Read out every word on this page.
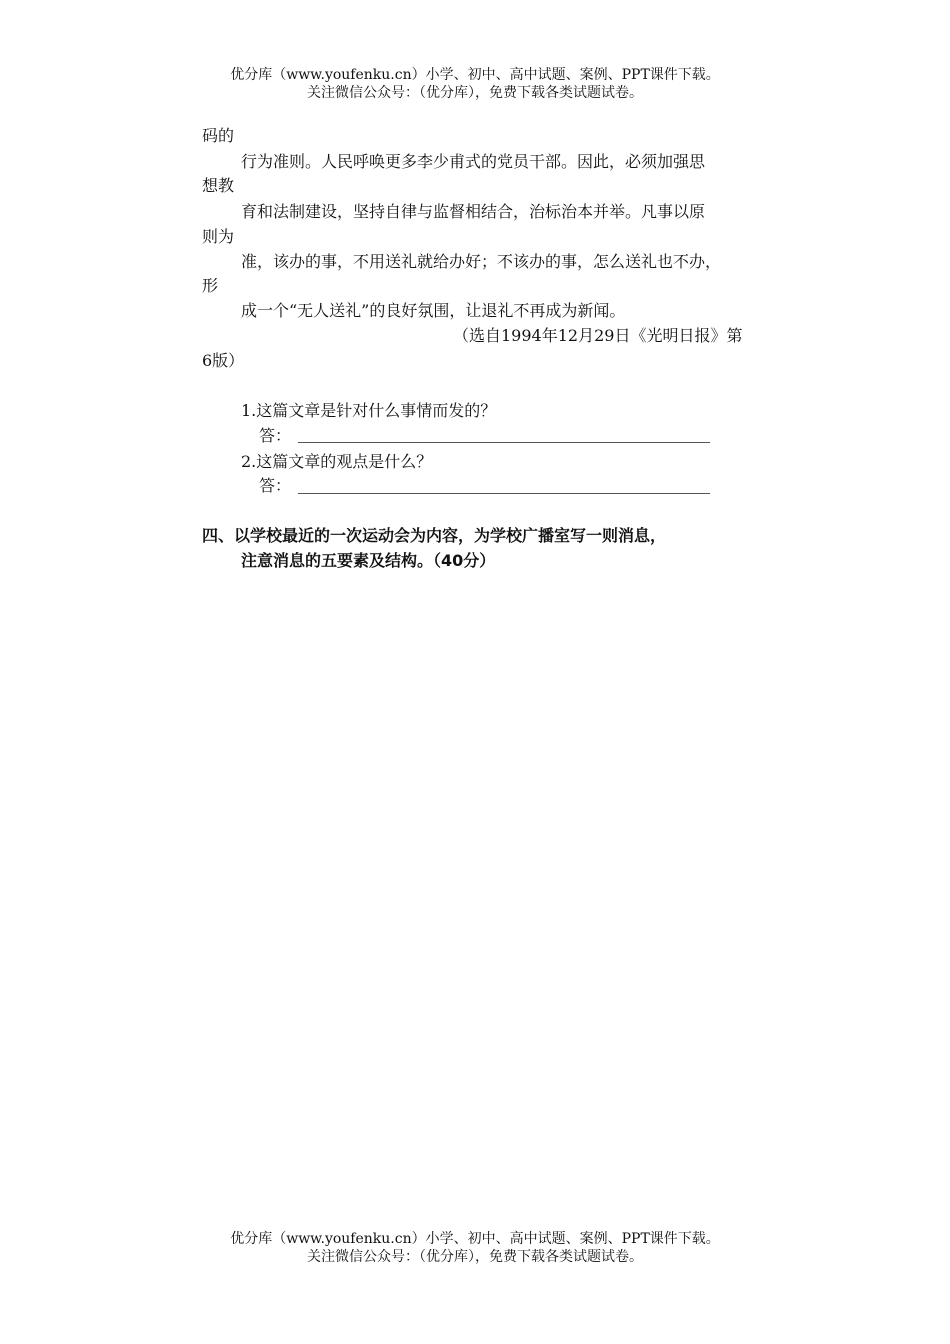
优分库（www.youfenku.cn）小学、初中、高中试题、案例、PPT课件下载。
关注微信公众号：（优分库），免费下载各类试题试卷。
码的
行为准则。人民呼唤更多李少甫式的党员干部。因此，必须加强思
想教
育和法制建设，坚持自律与监督相结合，治标治本并举。凡事以原
则为
准，该办的事，不用送礼就给办好；不该办的事，怎么送礼也不办，
形
成一个“无人送礼”的良好氛围，让退礼不再成为新闻。
（选自1994年12月29日《光明日报》第
6版）
1.这篇文章是针对什么事情而发的？
答：
2.这篇文章的观点是什么？
答：
四、以学校最近的一次运动会为内容，为学校广播室写一则消息，
注意消息的五要素及结构。（40分）
优分库（www.youfenku.cn）小学、初中、高中试题、案例、PPT课件下载。
关注微信公众号：（优分库），免费下载各类试题试卷。
